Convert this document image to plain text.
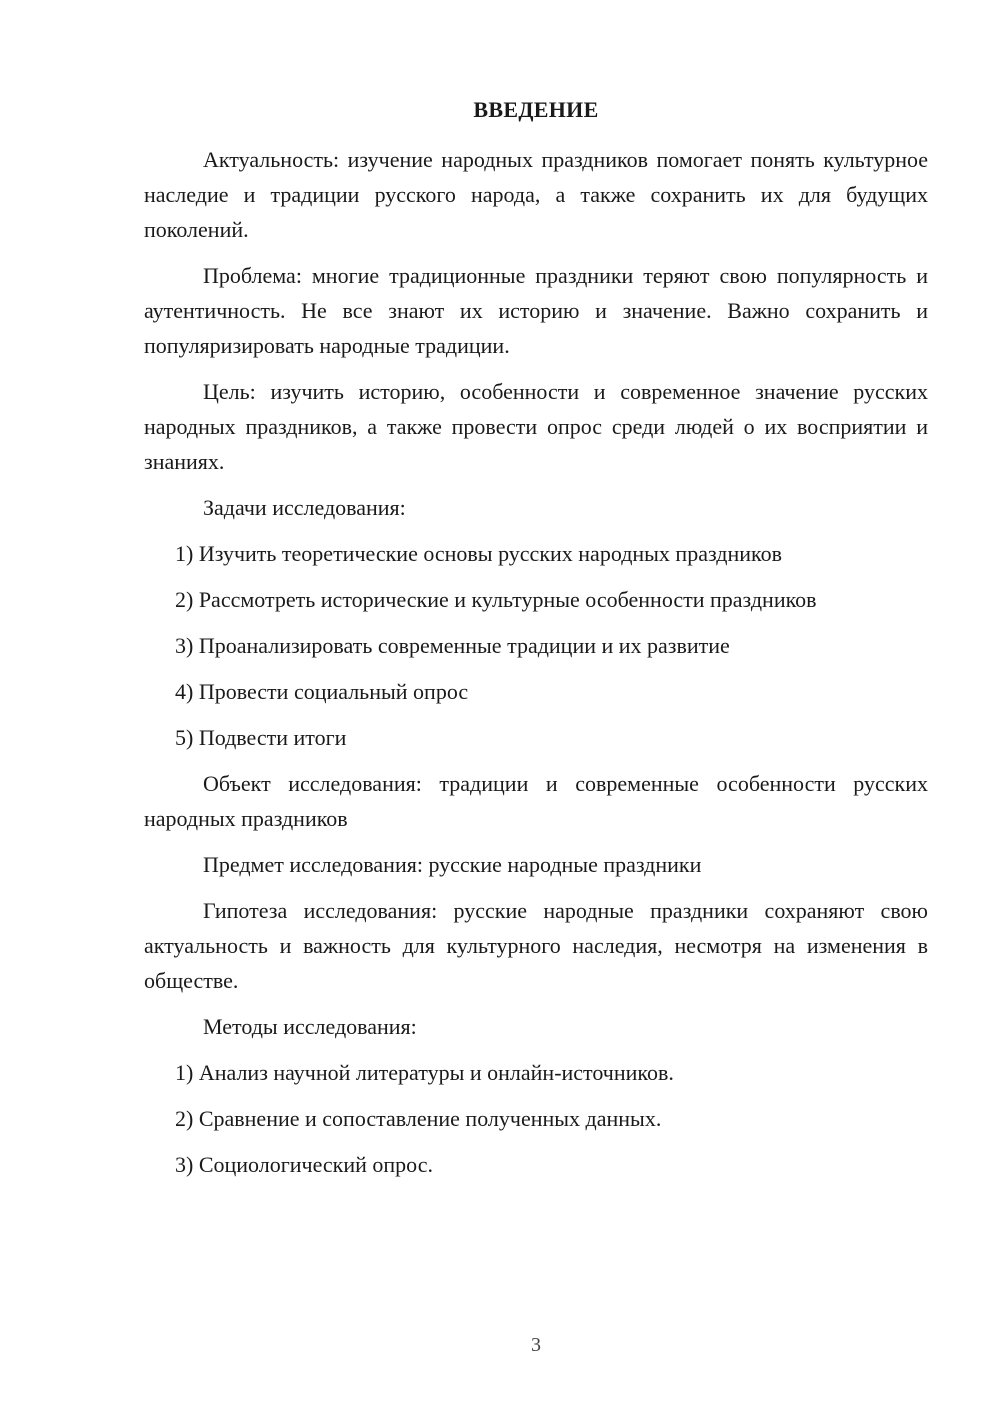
ВВЕДЕНИЕ

Актуальность: изучение народных праздников помогает понять культурное наследие и традиции русского народа, а также сохранить их для будущих поколений.

Проблема: многие традиционные праздники теряют свою популярность и аутентичность. Не все знают их историю и значение. Важно сохранить и популяризировать народные традиции.

Цель: изучить историю, особенности и современное значение русских народных праздников, а также провести опрос среди людей о их восприятии и знаниях.

Задачи исследования:

1) Изучить теоретические основы русских народных праздников

2) Рассмотреть исторические и культурные особенности праздников

3) Проанализировать современные традиции и их развитие

4) Провести социальный опрос

5) Подвести итоги

Объект исследования: традиции и современные особенности русских народных праздников

Предмет исследования: русские народные праздники

Гипотеза исследования: русские народные праздники сохраняют свою актуальность и важность для культурного наследия, несмотря на изменения в обществе.

Методы исследования:

1) Анализ научной литературы и онлайн-источников.

2) Сравнение и сопоставление полученных данных.

3) Социологический опрос.

3
